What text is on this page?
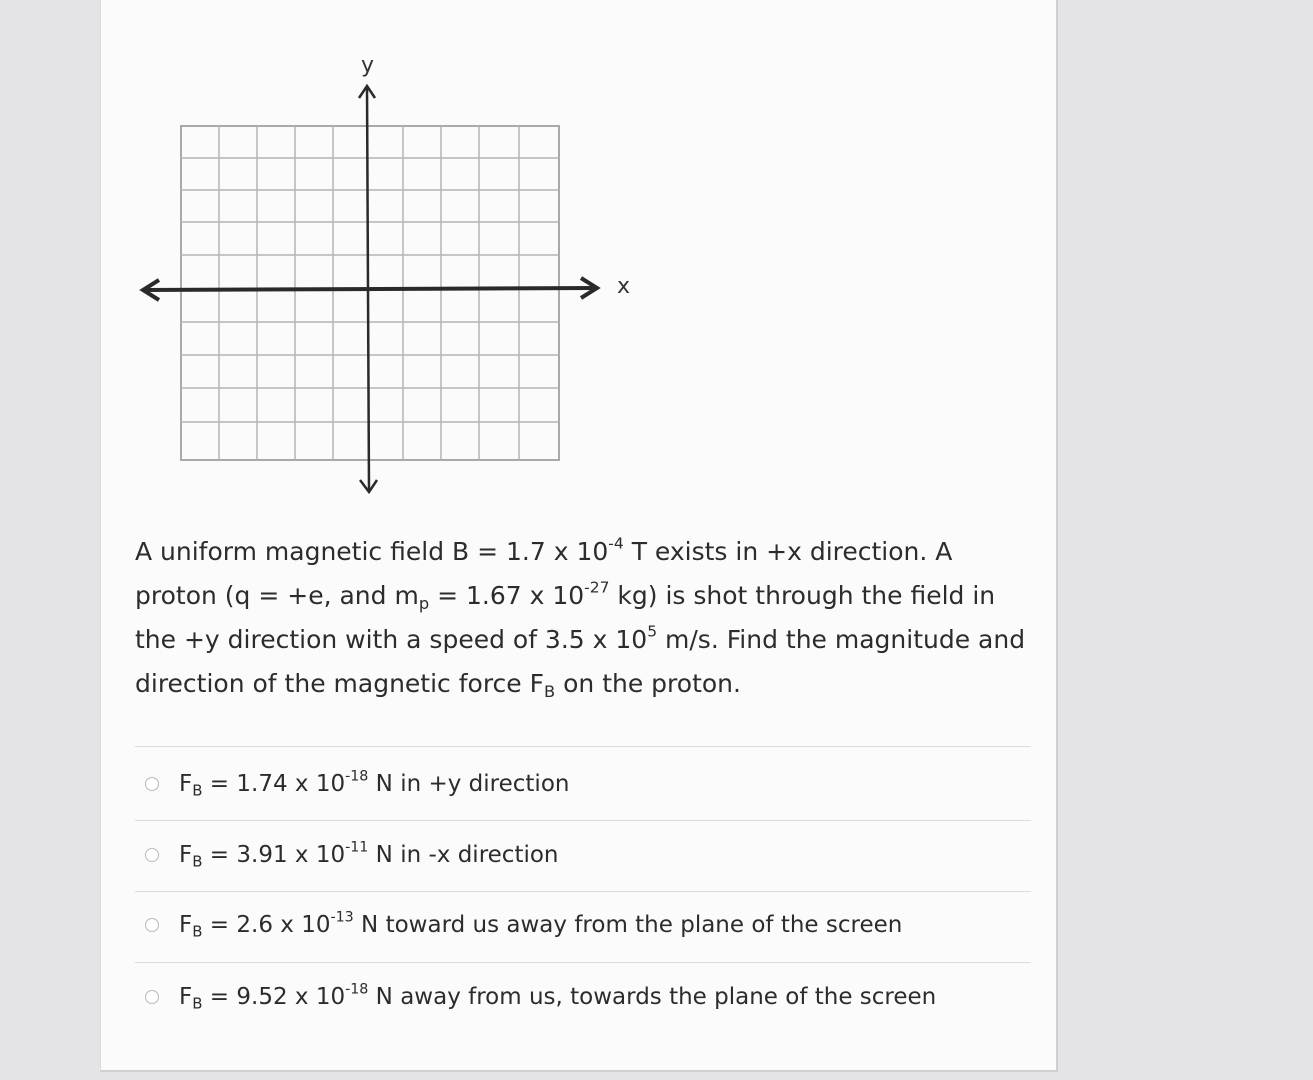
y
x

A uniform magnetic field B = 1.7 x $10^{-4}$ T exists in +x direction. A proton (q = +e, and $m_p = 1.67$ x $10^{-27}$ kg) is shot through the field in the +y direction with a speed of 3.5 x $10^5$ m/s. Find the magnitude and direction of the magnetic force $F_B$ on the proton.

$F_B = 1.74$ x $10^{-18}$ N in +y direction
$F_B = 3.91$ x $10^{-11}$ N in -x direction
$F_B = 2.6$ x $10^{-13}$ N toward us away from the plane of the screen
$F_B = 9.52$ x $10^{-18}$ N away from us, towards the plane of the screen
